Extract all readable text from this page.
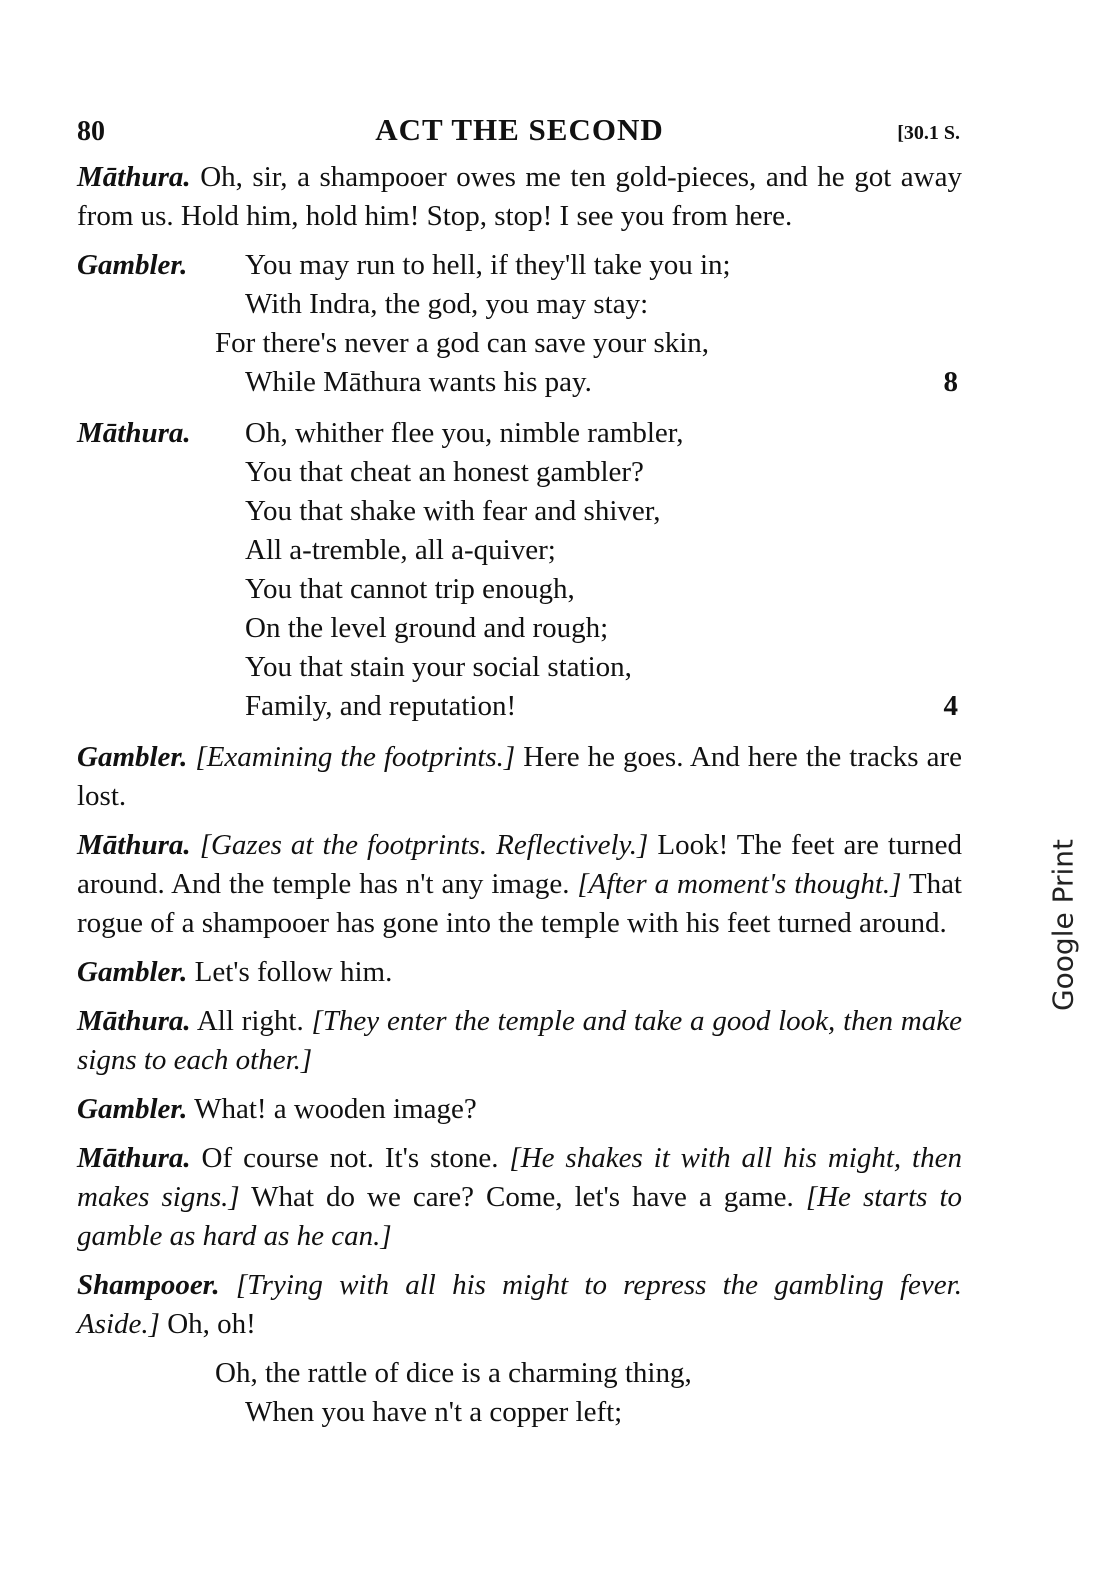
80	ACT THE SECOND	[30.1 S.

Māthura. Oh, sir, a shampooer owes me ten gold-pieces, and he got away from us. Hold him, hold him! Stop, stop! I see you from here.

Gambler. You may run to hell, if they'll take you in;
With Indra, the god, you may stay:
For there's never a god can save your skin,
While Māthura wants his pay.	8
Māthura. Oh, whither flee you, nimble rambler,
You that cheat an honest gambler?
You that shake with fear and shiver,
All a-tremble, all a-quiver;
You that cannot trip enough,
On the level ground and rough;
You that stain your social station,
Family, and reputation!	4

Gambler. [Examining the footprints.] Here he goes. And here the tracks are lost.

Māthura. [Gazes at the footprints. Reflectively.] Look! The feet are turned around. And the temple has n't any image. [After a moment's thought.] That rogue of a shampooer has gone into the temple with his feet turned around.

Gambler. Let's follow him.

Māthura. All right. [They enter the temple and take a good look, then make signs to each other.]

Gambler. What! a wooden image?

Māthura. Of course not. It's stone. [He shakes it with all his might, then makes signs.] What do we care? Come, let's have a game. [He starts to gamble as hard as he can.]

Shampooer. [Trying with all his might to repress the gambling fever. Aside.] Oh, oh!

Oh, the rattle of dice is a charming thing,
When you have n't a copper left;
Google Print
